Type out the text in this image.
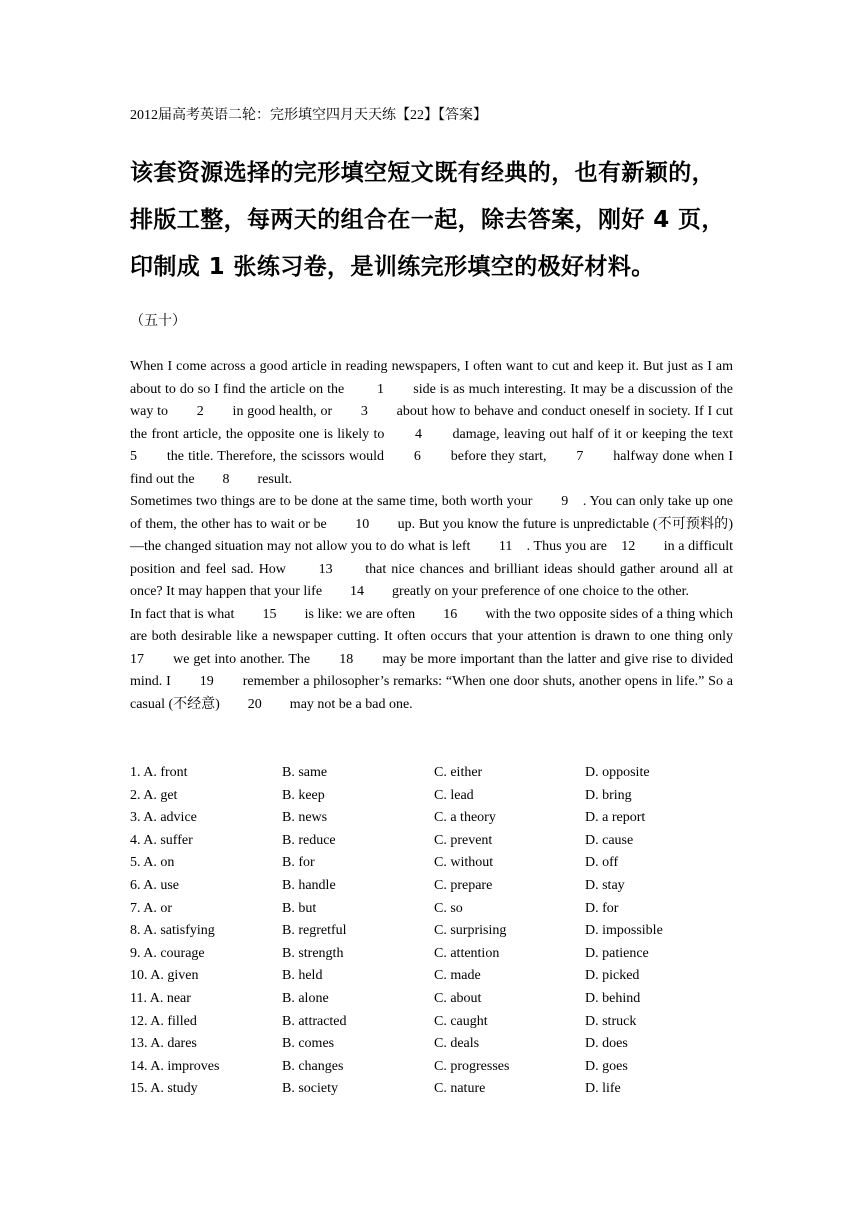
2012届高考英语二轮：完形填空四月天天练【22】【答案】
该套资源选择的完形填空短文既有经典的，也有新颖的，排版工整，每两天的组合在一起，除去答案，刚好 4 页，印制成 1 张练习卷，是训练完形填空的极好材料。
（五十）

When I come across a good article in reading newspapers, I often want to cut and keep it. But just as I am about to do so I find the article on the 　　1　　side is as much interesting. It may be a discussion of the way to　　2　　in good health, or　　3　　about how to behave and conduct oneself in society. If I cut the front article, the opposite one is likely to　　4　　damage, leaving out half of it or keeping the text　　5　　the title. Therefore, the scissors would　　6　　before they start,　　7　　halfway done when I find out the　　8　　result.

Sometimes two things are to be done at the same time, both worth your　　9　. You can only take up one of them, the other has to wait or be　　10　　up. But you know the future is unpredictable (不可预料的)—the changed situation may not allow you to do what is left　　11　. Thus you are　12　　in a difficult position and feel sad. How　　13　　that nice chances and brilliant ideas should gather around all at once? It may happen that your life　　14　　greatly on your preference of one choice to the other.

In fact that is what　　15　　is like: we are often　　16　　with the two opposite sides of a thing which are both desirable like a newspaper cutting. It often occurs that your attention is drawn to one thing only　　17　　we get into another. The　　18　　may be more important than the latter and give rise to divided mind. I　　19　　remember a philosopher’s remarks: “When one door shuts, another opens in life.” So a casual (不经意)　　20　　may not be a bad one.

1. A. front	B. same	C. either	D. opposite
2. A. get	B. keep	C. lead	D. bring
3. A. advice	B. news	C. a theory	D. a report
4. A. suffer	B. reduce	C. prevent	D. cause
5. A. on	B. for	C. without	D. off
6. A. use	B. handle	C. prepare	D. stay
7. A. or	B. but	C. so	D. for
8. A. satisfying	B. regretful	C. surprising	D. impossible
9. A. courage	B. strength	C. attention	D. patience
10. A. given	B. held	C. made	D. picked
11. A. near	B. alone	C. about	D. behind
12. A. filled	B. attracted	C. caught	D. struck
13. A. dares	B. comes	C. deals	D. does
14. A. improves	B. changes	C. progresses	D. goes
15. A. study	B. society	C. nature	D. life
